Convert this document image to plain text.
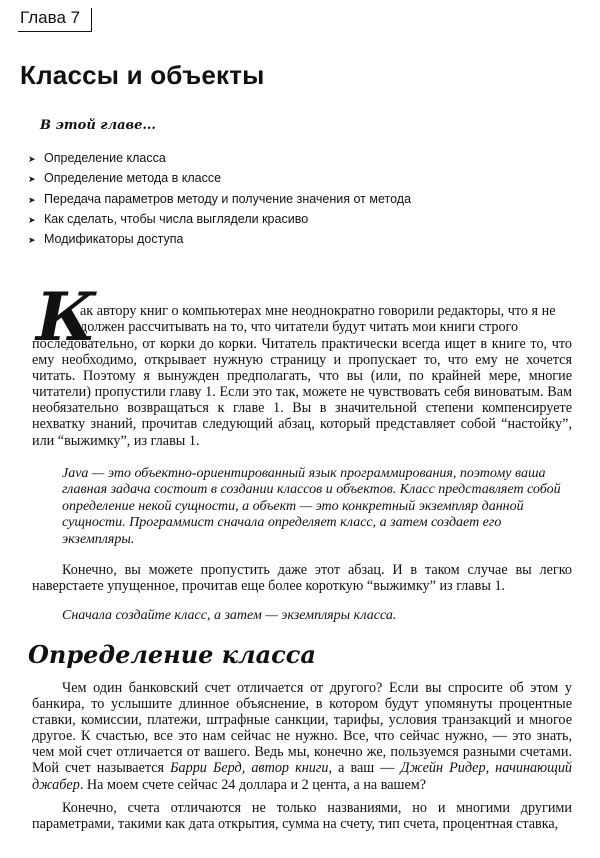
Глава 7
Классы и объекты
В этой главе...
➤ Определение класса
➤ Определение метода в классе
➤ Передача параметров методу и получение значения от метода
➤ Как сделать, чтобы числа выглядели красиво
➤ Модификаторы доступа
К

ак автору книг о компьютерах мне неоднократно говорили редакторы, что я не должен рассчитывать на то, что читатели будут читать мои книги строго

последовательно, от корки до корки. Читатель практически всегда ищет в книге то, что ему необходимо, открывает нужную страницу и пропускает то, что ему не хочется читать. Поэтому я вынужден предполагать, что вы (или, по крайней мере, многие читатели) пропустили главу 1. Если это так, можете не чувствовать себя виноватым. Вам необязательно возвращаться к главе 1. Вы в значительной степени компенсируете нехватку знаний, прочитав следующий абзац, который представляет собой “настойку”, или “выжимку”, из главы 1.

Java — это объектно-ориентированный язык программирования, поэтому ваша главная задача состоит в создании классов и объектов. Класс представляет собой определение некой сущности, а объект — это конкретный экземпляр данной сущности. Программист сначала определяет класс, а затем создает его экземпляры.
Конечно, вы можете пропустить даже этот абзац. И в таком случае вы легко наверстаете упущенное, прочитав еще более короткую “выжимку” из главы 1.
Сначала создайте класс, а затем — экземпляры класса.
Определение класса
Чем один банковский счет отличается от другого? Если вы спросите об этом у банкира, то услышите длинное объяснение, в котором будут упомянуты процентные ставки, комиссии, платежи, штрафные санкции, тарифы, условия транзакций и многое другое. К счастью, все это нам сейчас не нужно. Все, что сейчас нужно, — это знать, чем мой счет отличается от вашего. Ведь мы, конечно же, пользуемся разными счетами. Мой счет называется Барри Берд, автор книги, а ваш — Джейн Ридер, начинающий джабер. На моем счете сейчас 24 доллара и 2 цента, а на вашем?
Конечно, счета отличаются не только названиями, но и многими другими параметрами, такими как дата открытия, сумма на счету, тип счета, процентная ставка,
